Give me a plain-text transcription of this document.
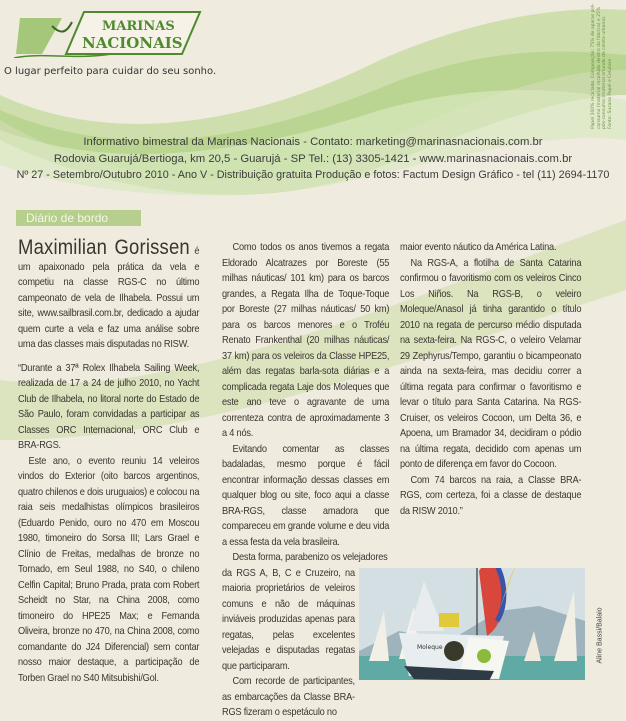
MARINAS
NACIONAIS
O lugar perfeito para cuidar do seu sonho.	Papel 100% reciclado. Composição: 75% de aparas pré-consumo (material recolhido dentro da fábrica) e 25% pós-consumo (material oriundo da coleta urbana). Fonte: Suzano Papel e Celulose
Informativo bimestral da Marinas Nacionais - Contato: marketing@marinasnacionais.com.br
Rodovia Guarujá/Bertioga, km 20,5 - Guarujá - SP Tel.: (13) 3305-1421 - www.marinasnacionais.com.br
Nº 27 - Setembro/Outubro 2010 - Ano V - Distribuição gratuita Produção e fotos: Factum Design Gráfico - tel (11) 2694-1170
Diário de bordo

Maximilian Gorissen é um apaixonado pela prática da vela e competiu na classe RGS-C no último campeonato de vela de Ilhabela. Possui um site, www.sailbrasil.com.br, dedicado a ajudar quem curte a vela e faz uma análise sobre uma das classes mais disputadas no RISW.

“Durante a 37ª Rolex Ilhabela Sailing Week, realizada de 17 a 24 de julho 2010, no Yacht Club de Ilhabela, no litoral norte do Estado de São Paulo, foram convidadas a participar as Classes ORC Internacional, ORC Club e BRA-RGS.

Este ano, o evento reuniu 14 veleiros vindos do Exterior (oito barcos argentinos, quatro chilenos e dois uruguaios) e colocou na raia seis medalhistas olímpicos brasileiros (Eduardo Penido, ouro no 470 em Moscou 1980, timoneiro do Sorsa III; Lars Grael e Clínio de Freitas, medalhas de bronze no Tornado, em Seul 1988, no S40, o chileno Celfin Capital; Bruno Prada, prata com Robert Scheidt no Star, na China 2008, como timoneiro do HPE25 Max; e Fernanda Oliveira, bronze no 470, na China 2008, como comandante do J24 Diferencial) sem contar nosso maior destaque, a participação de Torben Grael no S40 Mitsubishi/Gol.

Como todos os anos tivemos a regata Eldorado Alcatrazes por Boreste (55 milhas náuticas/ 101 km) para os barcos grandes, a Regata Ilha de Toque-Toque por Boreste (27 milhas náuticas/ 50 km) para os barcos menores e o Troféu Renato Frankenthal (20 milhas náuticas/ 37 km) para os veleiros da Classe HPE25, além das regatas barla-sota diárias e a complicada regata Laje dos Moleques que este ano teve o agravante de uma correnteza contra de aproximadamente 3 a 4 nós.

Evitando comentar as classes badaladas, mesmo porque é fácil encontrar informação dessas classes em qualquer blog ou site, foco aqui a classe BRA-RGS, classe amadora que compareceu em grande volume e deu vida a essa festa da vela brasileira.

Desta forma, parabenizo os velejadores

da RGS A, B, C e Cruzeiro, na maioria proprietários de veleiros comuns e não de máquinas inviáveis produzidas apenas para regatas, pelas excelentes velejadas e disputadas regatas que participaram.

Com recorde de participantes, as embarcações da Classe BRA-RGS fizeram o espetáculo no

maior evento náutico da América Latina.

Na RGS-A, a flotilha de Santa Catarina confirmou o favoritismo com os veleiros Cinco Los Niños. Na RGS-B, o veleiro Moleque/Anasol já tinha garantido o título 2010 na regata de percurso médio disputada na sexta-feira. Na RGS-C, o veleiro Velamar 29 Zephyrus/Tempo, garantiu o bicampeonato ainda na sexta-feira, mas decidiu correr a última regata para confirmar o favoritismo e levar o título para Santa Catarina. Na RGS-Cruiser, os veleiros Cocoon, um Delta 36, e Apoena, um Bramador 34, decidiram o pódio na última regata, decidido com apenas um ponto de diferença em favor do Cocoon.

Com 74 barcos na raia, a Classe BRA-RGS, com certeza, foi a classe de destaque da RISW 2010.”

Moleque	Aline Bassi/Balaio
